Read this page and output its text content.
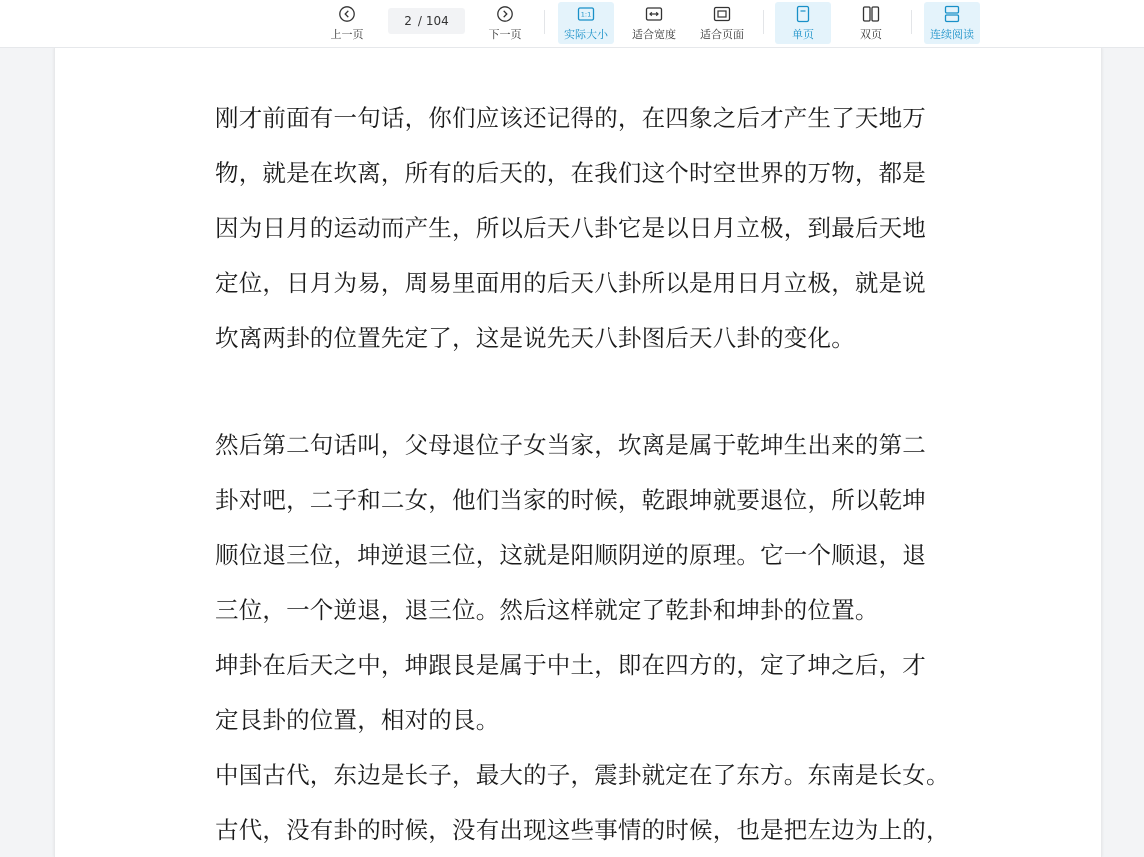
上一页
2 / 104
下一页
1:1
实际大小 适合宽度 适合页面	单页	双页	连续阅读
刚才前面有一句话，你们应该还记得的，在四象之后才产生了天地万
物，就是在坎离，所有的后天的，在我们这个时空世界的万物，都是
因为日月的运动而产生，所以后天八卦它是以日月立极，到最后天地
定位，日月为易，周易里面用的后天八卦所以是用日月立极，就是说
坎离两卦的位置先定了，这是说先天八卦图后天八卦的变化。
然后第二句话叫，父母退位子女当家，坎离是属于乾坤生出来的第二
卦对吧，二子和二女，他们当家的时候，乾跟坤就要退位，所以乾坤
顺位退三位，坤逆退三位，这就是阳顺阴逆的原理。它一个顺退，退
三位，一个逆退，退三位。然后这样就定了乾卦和坤卦的位置。
坤卦在后天之中，坤跟艮是属于中土，即在四方的，定了坤之后，才
定艮卦的位置，相对的艮。
中国古代，东边是长子，最大的子，震卦就定在了东方。东南是长女。
古代，没有卦的时候，没有出现这些事情的时候，也是把左边为上的，
